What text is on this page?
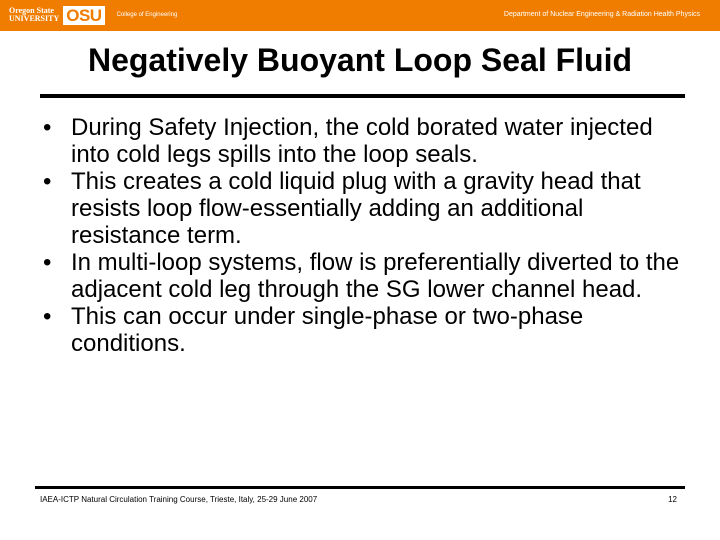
Oregon State
UNIVERSITY OSU	College of Engineering	Department of Nuclear Engineering & Radiation Health Physics
Negatively Buoyant Loop Seal Fluid
• During Safety Injection, the cold borated water injected into cold legs spills into the loop seals.
• This creates a cold liquid plug with a gravity head that resists loop flow-essentially adding an additional resistance term.
• In multi-loop systems, flow is preferentially diverted to the adjacent cold leg through the SG lower channel head.
• This can occur under single-phase or two-phase conditions.
IAEA-ICTP Natural Circulation Training Course, Trieste, Italy, 25-29 June 2007	12
